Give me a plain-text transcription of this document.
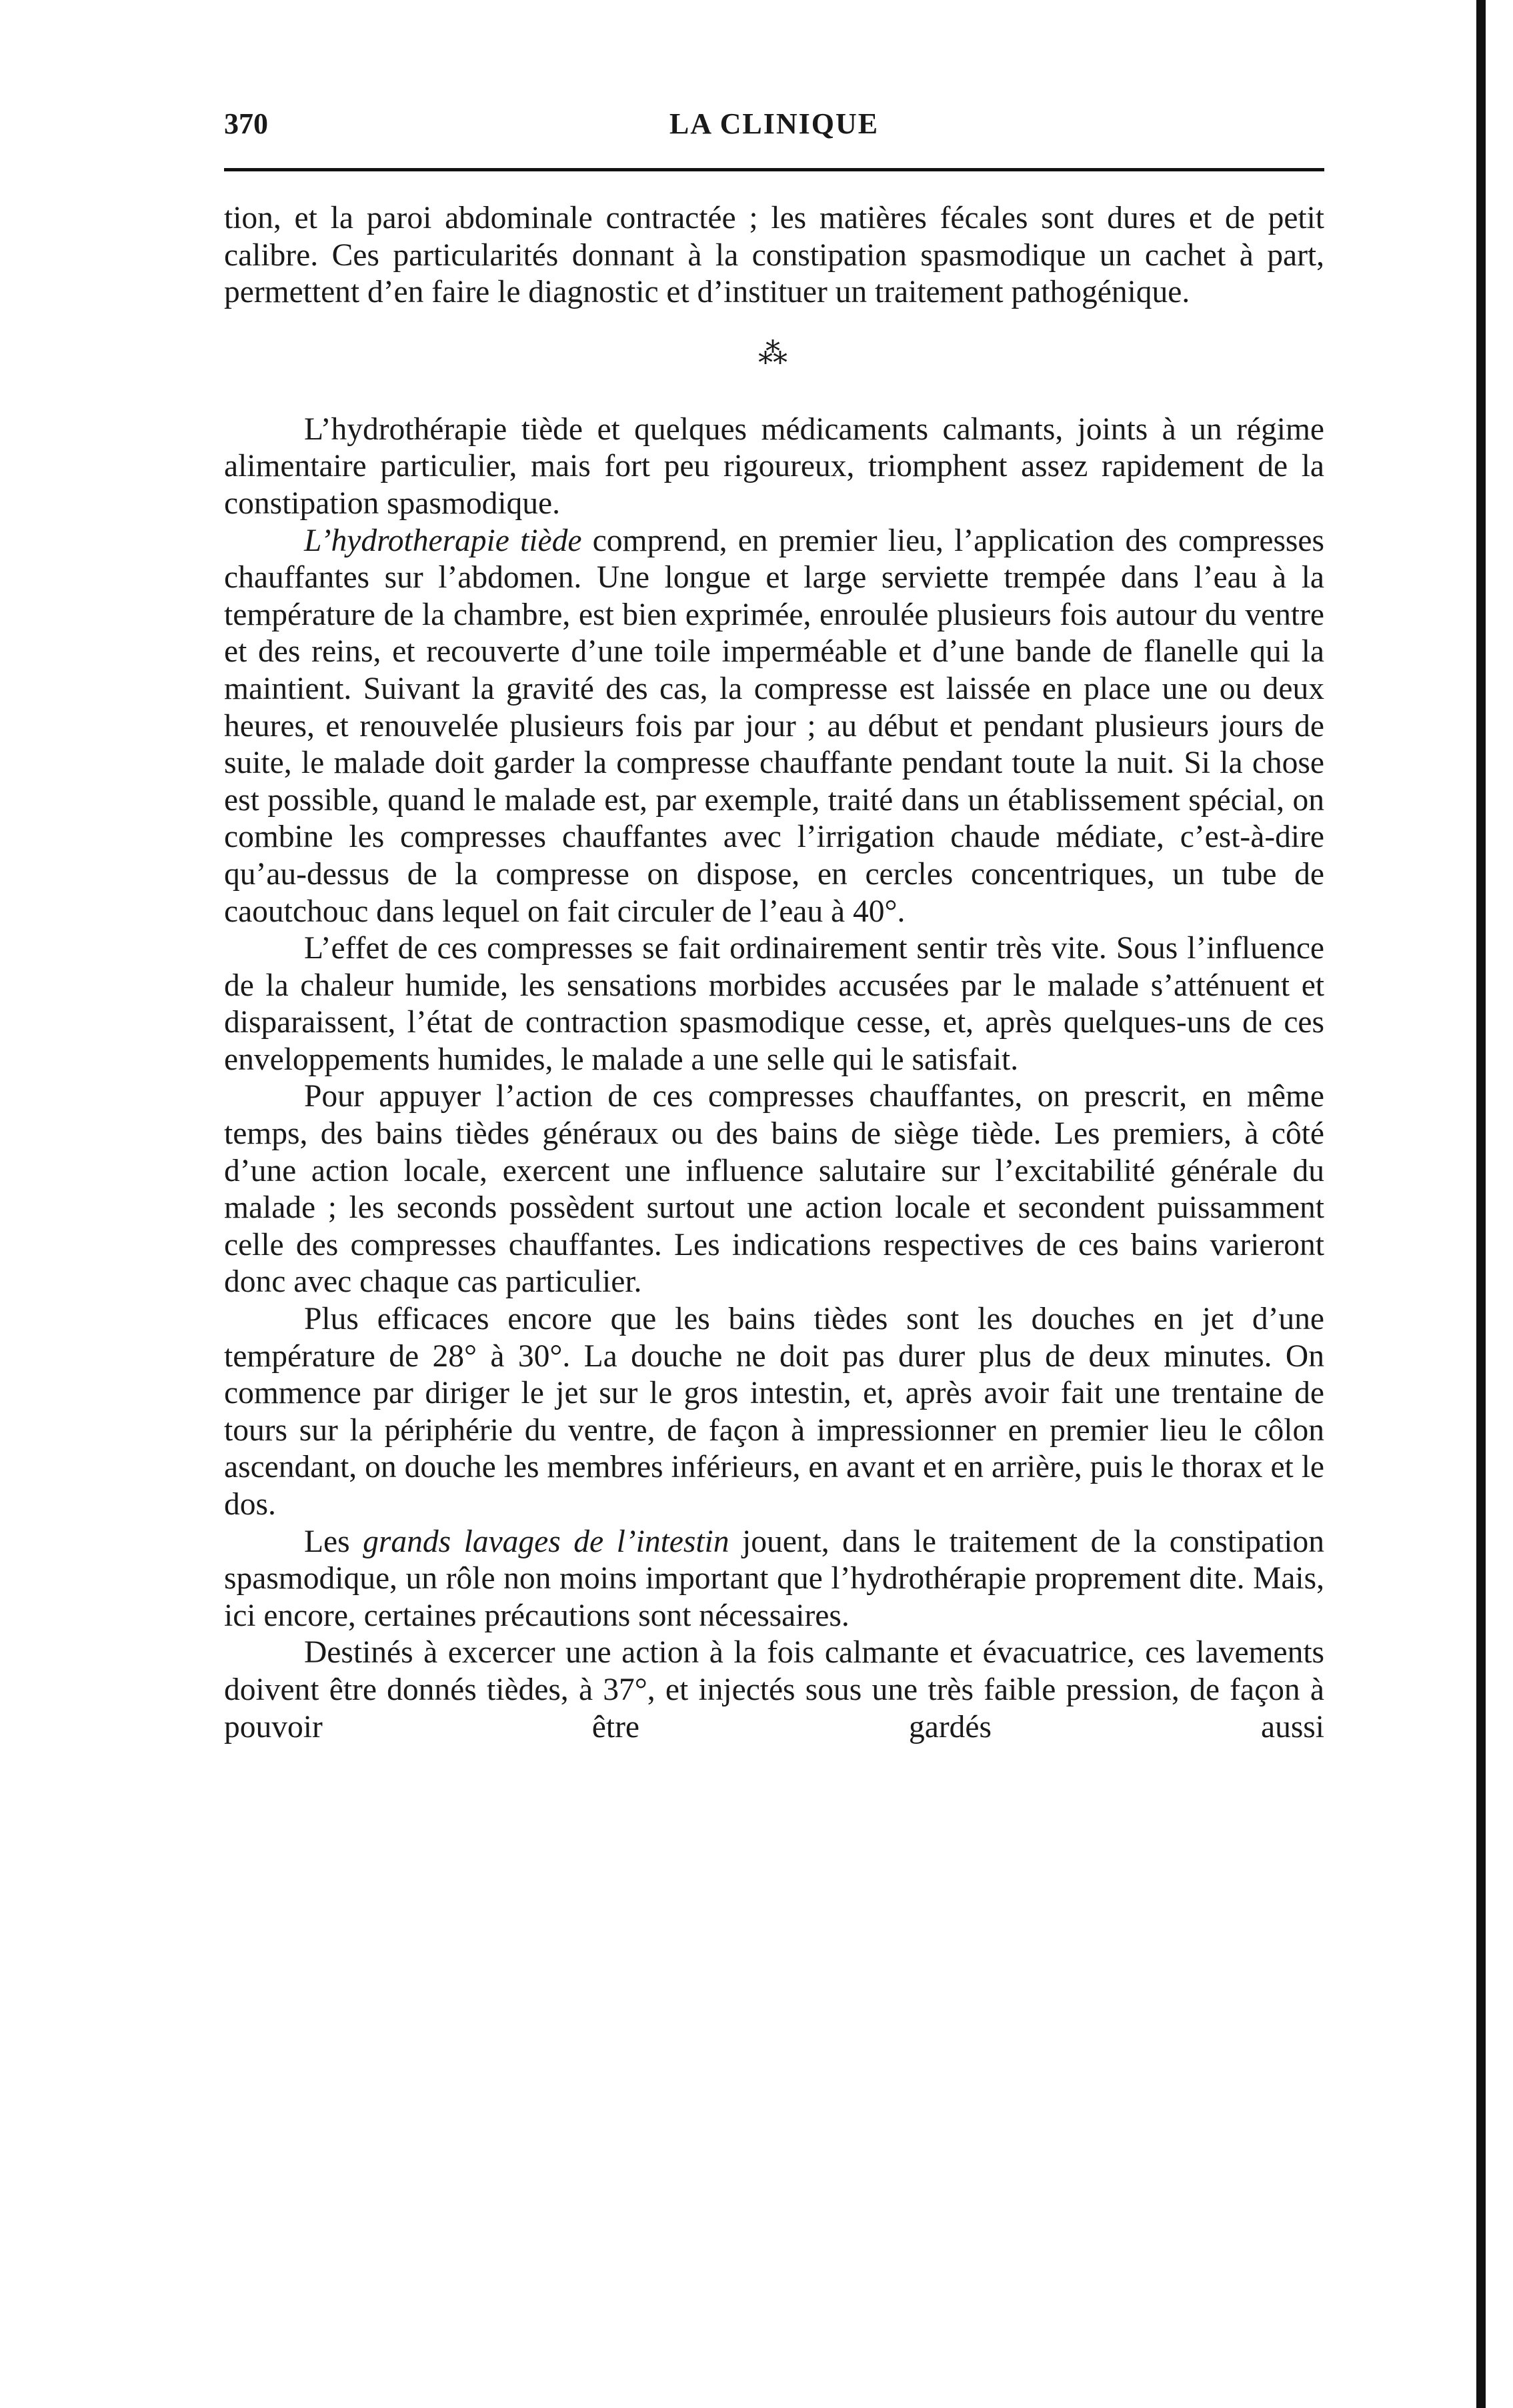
370	LA CLINIQUE

tion, et la paroi abdominale contractée ; les matières fécales sont dures et de petit calibre. Ces particularités donnant à la constipation spasmodique un cachet à part, permettent d’en faire le diagnostic et d’instituer un traitement pathogénique.

⁂

L’hydrothérapie tiède et quelques médicaments calmants, joints à un régime alimentaire particulier, mais fort peu rigoureux, triomphent assez rapidement de la constipation spasmodique.

L’hydrotherapie tiède comprend, en premier lieu, l’application des compresses chauffantes sur l’abdomen. Une longue et large serviette trempée dans l’eau à la température de la chambre, est bien exprimée, enroulée plusieurs fois autour du ventre et des reins, et recouverte d’une toile imperméable et d’une bande de flanelle qui la maintient. Suivant la gravité des cas, la compresse est laissée en place une ou deux heures, et renouvelée plusieurs fois par jour ; au début et pendant plusieurs jours de suite, le malade doit garder la compresse chauffante pendant toute la nuit. Si la chose est possible, quand le malade est, par exemple, traité dans un établissement spécial, on combine les compresses chauffantes avec l’irrigation chaude médiate, c’est-à-dire qu’au-dessus de la compresse on dispose, en cercles concentriques, un tube de caoutchouc dans lequel on fait circuler de l’eau à 40°.

L’effet de ces compresses se fait ordinairement sentir très vite. Sous l’influence de la chaleur humide, les sensations morbides accusées par le malade s’atténuent et disparaissent, l’état de contraction spasmodique cesse, et, après quelques-uns de ces enveloppements humides, le malade a une selle qui le satisfait.

Pour appuyer l’action de ces compresses chauffantes, on prescrit, en même temps, des bains tièdes généraux ou des bains de siège tiède. Les premiers, à côté d’une action locale, exercent une influence salutaire sur l’excitabilité générale du malade ; les seconds possèdent surtout une action locale et secondent puissamment celle des compresses chauffantes. Les indications respectives de ces bains varieront donc avec chaque cas particulier.

Plus efficaces encore que les bains tièdes sont les douches en jet d’une température de 28° à 30°. La douche ne doit pas durer plus de deux minutes. On commence par diriger le jet sur le gros intestin, et, après avoir fait une trentaine de tours sur la périphérie du ventre, de façon à impressionner en premier lieu le côlon ascendant, on douche les membres inférieurs, en avant et en arrière, puis le thorax et le dos.

Les grands lavages de l’intestin jouent, dans le traitement de la constipation spasmodique, un rôle non moins important que l’hydrothérapie proprement dite. Mais, ici encore, certaines précautions sont nécessaires.

Destinés à excercer une action à la fois calmante et évacuatrice, ces lavements doivent être donnés tièdes, à 37°, et injectés sous une très faible pression, de façon à pouvoir être gardés aussi
